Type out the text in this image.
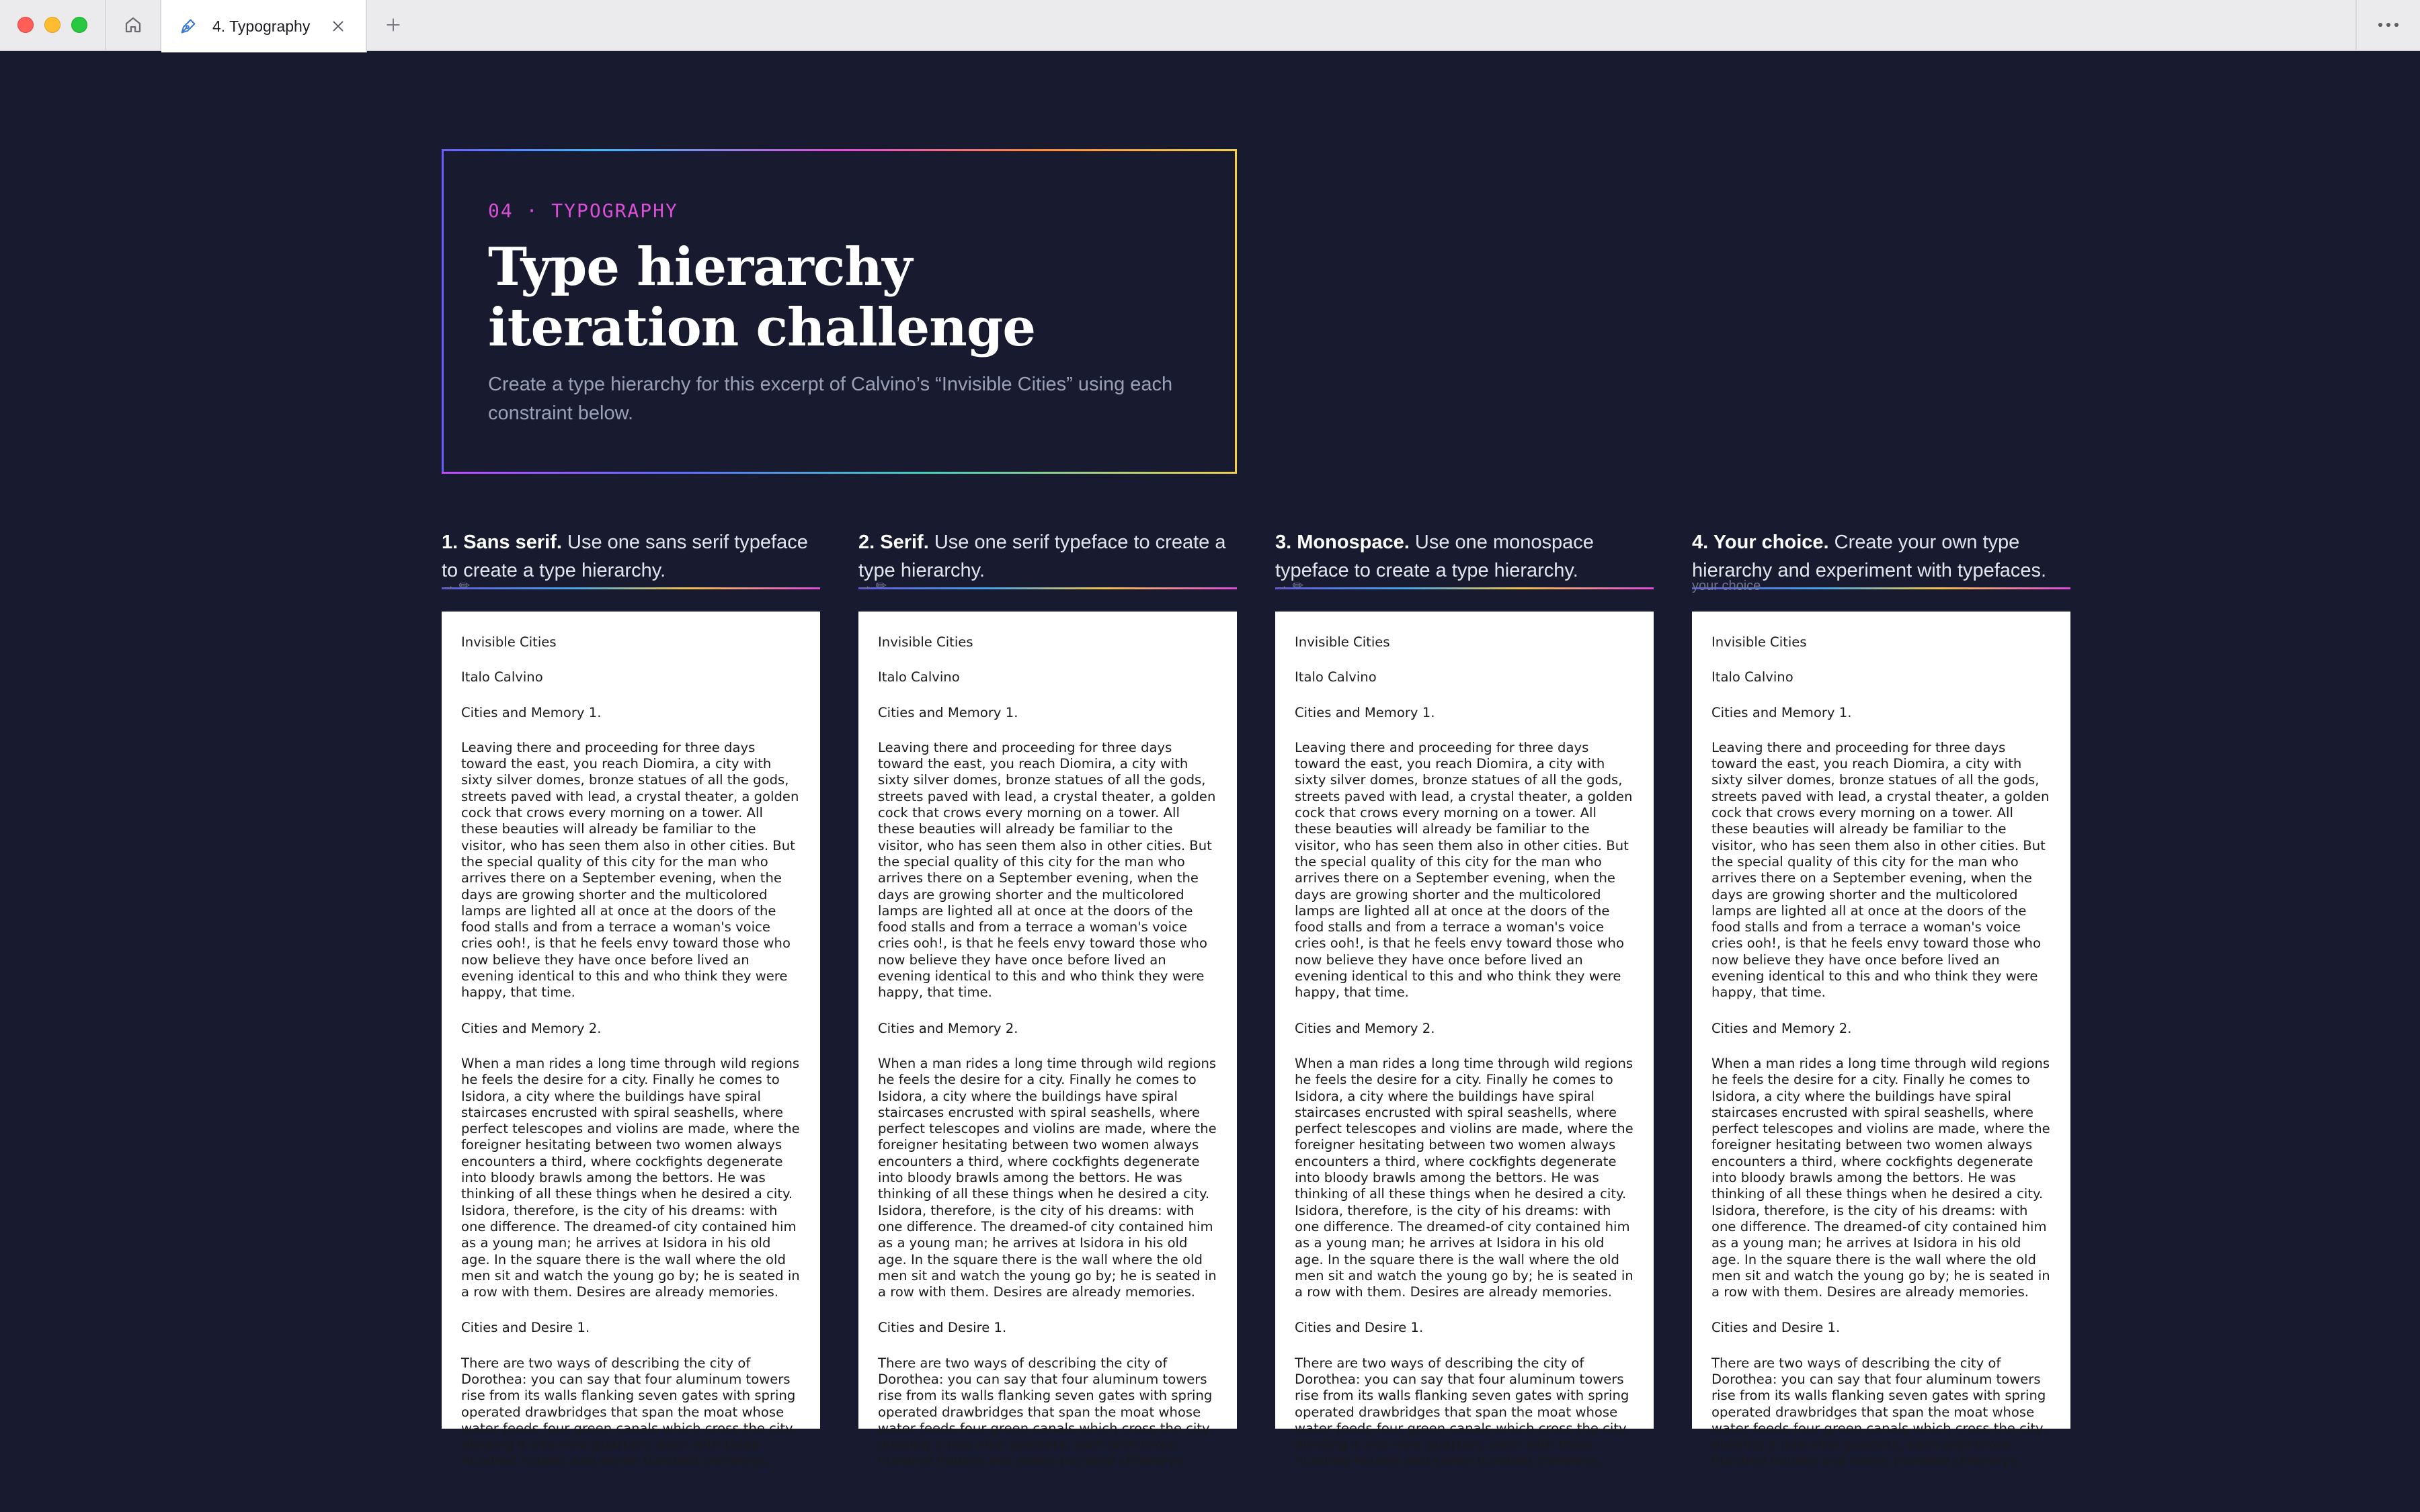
4. Typography
04 · TYPOGRAPHY
Type hierarchy
iteration challenge
Create a type hierarchy for this excerpt of Calvino’s “Invisible Cities” using each constraint below.
1. Sans serif. Use one sans serif typeface to create a type hierarchy.
→ ✏

Invisible Cities

Italo Calvino

Cities and Memory 1.

Leaving there and proceeding for three days toward the east, you reach Diomira, a city with sixty silver domes, bronze statues of all the gods, streets paved with lead, a crystal theater, a golden cock that crows every morning on a tower. All these beauties will already be familiar to the visitor, who has seen them also in other cities. But the special quality of this city for the man who arrives there on a September evening, when the days are growing shorter and the multicolored lamps are lighted all at once at the doors of the food stalls and from a terrace a woman's voice cries ooh!, is that he feels envy toward those who now believe they have once before lived an evening identical to this and who think they were happy, that time.

Cities and Memory 2.

When a man rides a long time through wild regions he feels the desire for a city. Finally he comes to Isidora, a city where the buildings have spiral staircases encrusted with spiral seashells, where perfect telescopes and violins are made, where the foreigner hesitating between two women always encounters a third, where cockfights degenerate into bloody brawls among the bettors. He was thinking of all these things when he desired a city. Isidora, therefore, is the city of his dreams: with one difference. The dreamed-of city contained him as a young man; he arrives at Isidora in his old age. In the square there is the wall where the old men sit and watch the young go by; he is seated in a row with them. Desires are already memories.

Cities and Desire 1.

There are two ways of describing the city of Dorothea: you can say that four aluminum towers rise from its walls flanking seven gates with spring operated drawbridges that span the moat whose water feeds four green canals which cross the city, dividing it into nine quarters, each with three hundred houses and seven hundred chimneys.

2. Serif. Use one serif typeface to create a type hierarchy.
→ ✏

Invisible Cities

Italo Calvino

Cities and Memory 1.

Leaving there and proceeding for three days toward the east, you reach Diomira, a city with sixty silver domes, bronze statues of all the gods, streets paved with lead, a crystal theater, a golden cock that crows every morning on a tower. All these beauties will already be familiar to the visitor, who has seen them also in other cities. But the special quality of this city for the man who arrives there on a September evening, when the days are growing shorter and the multicolored lamps are lighted all at once at the doors of the food stalls and from a terrace a woman's voice cries ooh!, is that he feels envy toward those who now believe they have once before lived an evening identical to this and who think they were happy, that time.

Cities and Memory 2.

When a man rides a long time through wild regions he feels the desire for a city. Finally he comes to Isidora, a city where the buildings have spiral staircases encrusted with spiral seashells, where perfect telescopes and violins are made, where the foreigner hesitating between two women always encounters a third, where cockfights degenerate into bloody brawls among the bettors. He was thinking of all these things when he desired a city. Isidora, therefore, is the city of his dreams: with one difference. The dreamed-of city contained him as a young man; he arrives at Isidora in his old age. In the square there is the wall where the old men sit and watch the young go by; he is seated in a row with them. Desires are already memories.

Cities and Desire 1.

There are two ways of describing the city of Dorothea: you can say that four aluminum towers rise from its walls flanking seven gates with spring operated drawbridges that span the moat whose water feeds four green canals which cross the city, dividing it into nine quarters, each with three hundred houses and seven hundred chimneys.

3. Monospace. Use one monospace typeface to create a type hierarchy.
→ ✏

Invisible Cities

Italo Calvino

Cities and Memory 1.

Leaving there and proceeding for three days toward the east, you reach Diomira, a city with sixty silver domes, bronze statues of all the gods, streets paved with lead, a crystal theater, a golden cock that crows every morning on a tower. All these beauties will already be familiar to the visitor, who has seen them also in other cities. But the special quality of this city for the man who arrives there on a September evening, when the days are growing shorter and the multicolored lamps are lighted all at once at the doors of the food stalls and from a terrace a woman's voice cries ooh!, is that he feels envy toward those who now believe they have once before lived an evening identical to this and who think they were happy, that time.

Cities and Memory 2.

When a man rides a long time through wild regions he feels the desire for a city. Finally he comes to Isidora, a city where the buildings have spiral staircases encrusted with spiral seashells, where perfect telescopes and violins are made, where the foreigner hesitating between two women always encounters a third, where cockfights degenerate into bloody brawls among the bettors. He was thinking of all these things when he desired a city. Isidora, therefore, is the city of his dreams: with one difference. The dreamed-of city contained him as a young man; he arrives at Isidora in his old age. In the square there is the wall where the old men sit and watch the young go by; he is seated in a row with them. Desires are already memories.

Cities and Desire 1.

There are two ways of describing the city of Dorothea: you can say that four aluminum towers rise from its walls flanking seven gates with spring operated drawbridges that span the moat whose water feeds four green canals which cross the city, dividing it into nine quarters, each with three hundred houses and seven hundred chimneys.

4. Your choice. Create your own type hierarchy and experiment with typefaces.
your choice

Invisible Cities

Italo Calvino

Cities and Memory 1.

Leaving there and proceeding for three days toward the east, you reach Diomira, a city with sixty silver domes, bronze statues of all the gods, streets paved with lead, a crystal theater, a golden cock that crows every morning on a tower. All these beauties will already be familiar to the visitor, who has seen them also in other cities. But the special quality of this city for the man who arrives there on a September evening, when the days are growing shorter and the multicolored lamps are lighted all at once at the doors of the food stalls and from a terrace a woman's voice cries ooh!, is that he feels envy toward those who now believe they have once before lived an evening identical to this and who think they were happy, that time.

Cities and Memory 2.

When a man rides a long time through wild regions he feels the desire for a city. Finally he comes to Isidora, a city where the buildings have spiral staircases encrusted with spiral seashells, where perfect telescopes and violins are made, where the foreigner hesitating between two women always encounters a third, where cockfights degenerate into bloody brawls among the bettors. He was thinking of all these things when he desired a city. Isidora, therefore, is the city of his dreams: with one difference. The dreamed-of city contained him as a young man; he arrives at Isidora in his old age. In the square there is the wall where the old men sit and watch the young go by; he is seated in a row with them. Desires are already memories.

Cities and Desire 1.

There are two ways of describing the city of Dorothea: you can say that four aluminum towers rise from its walls flanking seven gates with spring operated drawbridges that span the moat whose water feeds four green canals which cross the city, dividing it into nine quarters, each with three hundred houses and seven hundred chimneys.
